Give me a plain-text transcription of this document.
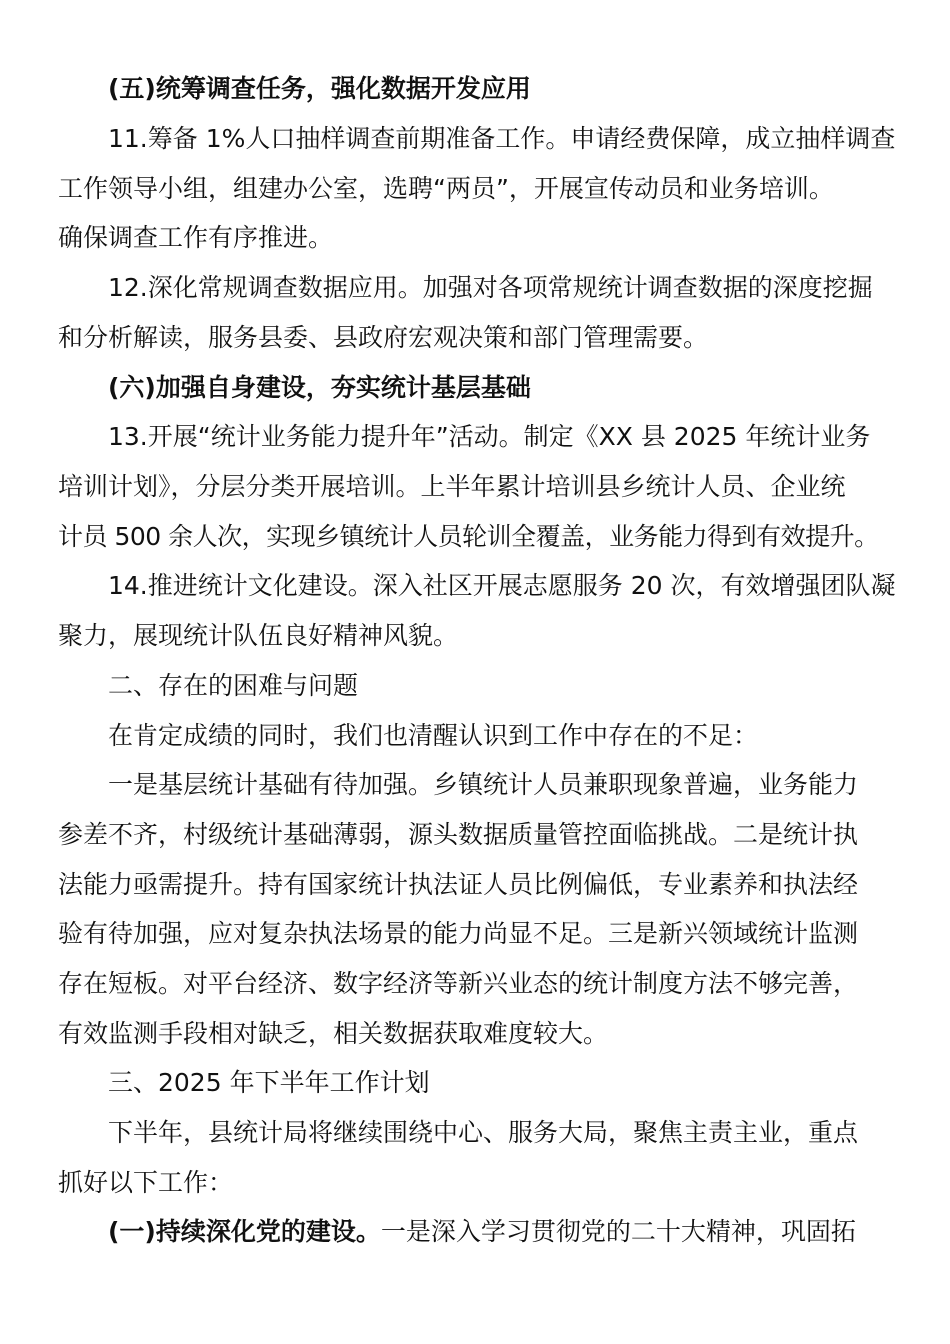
(五)统筹调查任务，强化数据开发应用
11.筹备 1%人口抽样调查前期准备工作。申请经费保障，成立抽样调查
工作领导小组，组建办公室，选聘“两员”，开展宣传动员和业务培训。
确保调查工作有序推进。
12.深化常规调查数据应用。加强对各项常规统计调查数据的深度挖掘
和分析解读，服务县委、县政府宏观决策和部门管理需要。
(六)加强自身建设，夯实统计基层基础
13.开展“统计业务能力提升年”活动。制定《XX 县 2025 年统计业务
培训计划》，分层分类开展培训。上半年累计培训县乡统计人员、企业统
计员 500 余人次，实现乡镇统计人员轮训全覆盖，业务能力得到有效提升。
14.推进统计文化建设。深入社区开展志愿服务 20 次，有效增强团队凝
聚力，展现统计队伍良好精神风貌。
二、存在的困难与问题
在肯定成绩的同时，我们也清醒认识到工作中存在的不足：
一是基层统计基础有待加强。乡镇统计人员兼职现象普遍，业务能力
参差不齐，村级统计基础薄弱，源头数据质量管控面临挑战。二是统计执
法能力亟需提升。持有国家统计执法证人员比例偏低，专业素养和执法经
验有待加强，应对复杂执法场景的能力尚显不足。三是新兴领域统计监测
存在短板。对平台经济、数字经济等新兴业态的统计制度方法不够完善，
有效监测手段相对缺乏，相关数据获取难度较大。
三、2025 年下半年工作计划
下半年，县统计局将继续围绕中心、服务大局，聚焦主责主业，重点
抓好以下工作：
(一)持续深化党的建设。一是深入学习贯彻党的二十大精神，巩固拓
